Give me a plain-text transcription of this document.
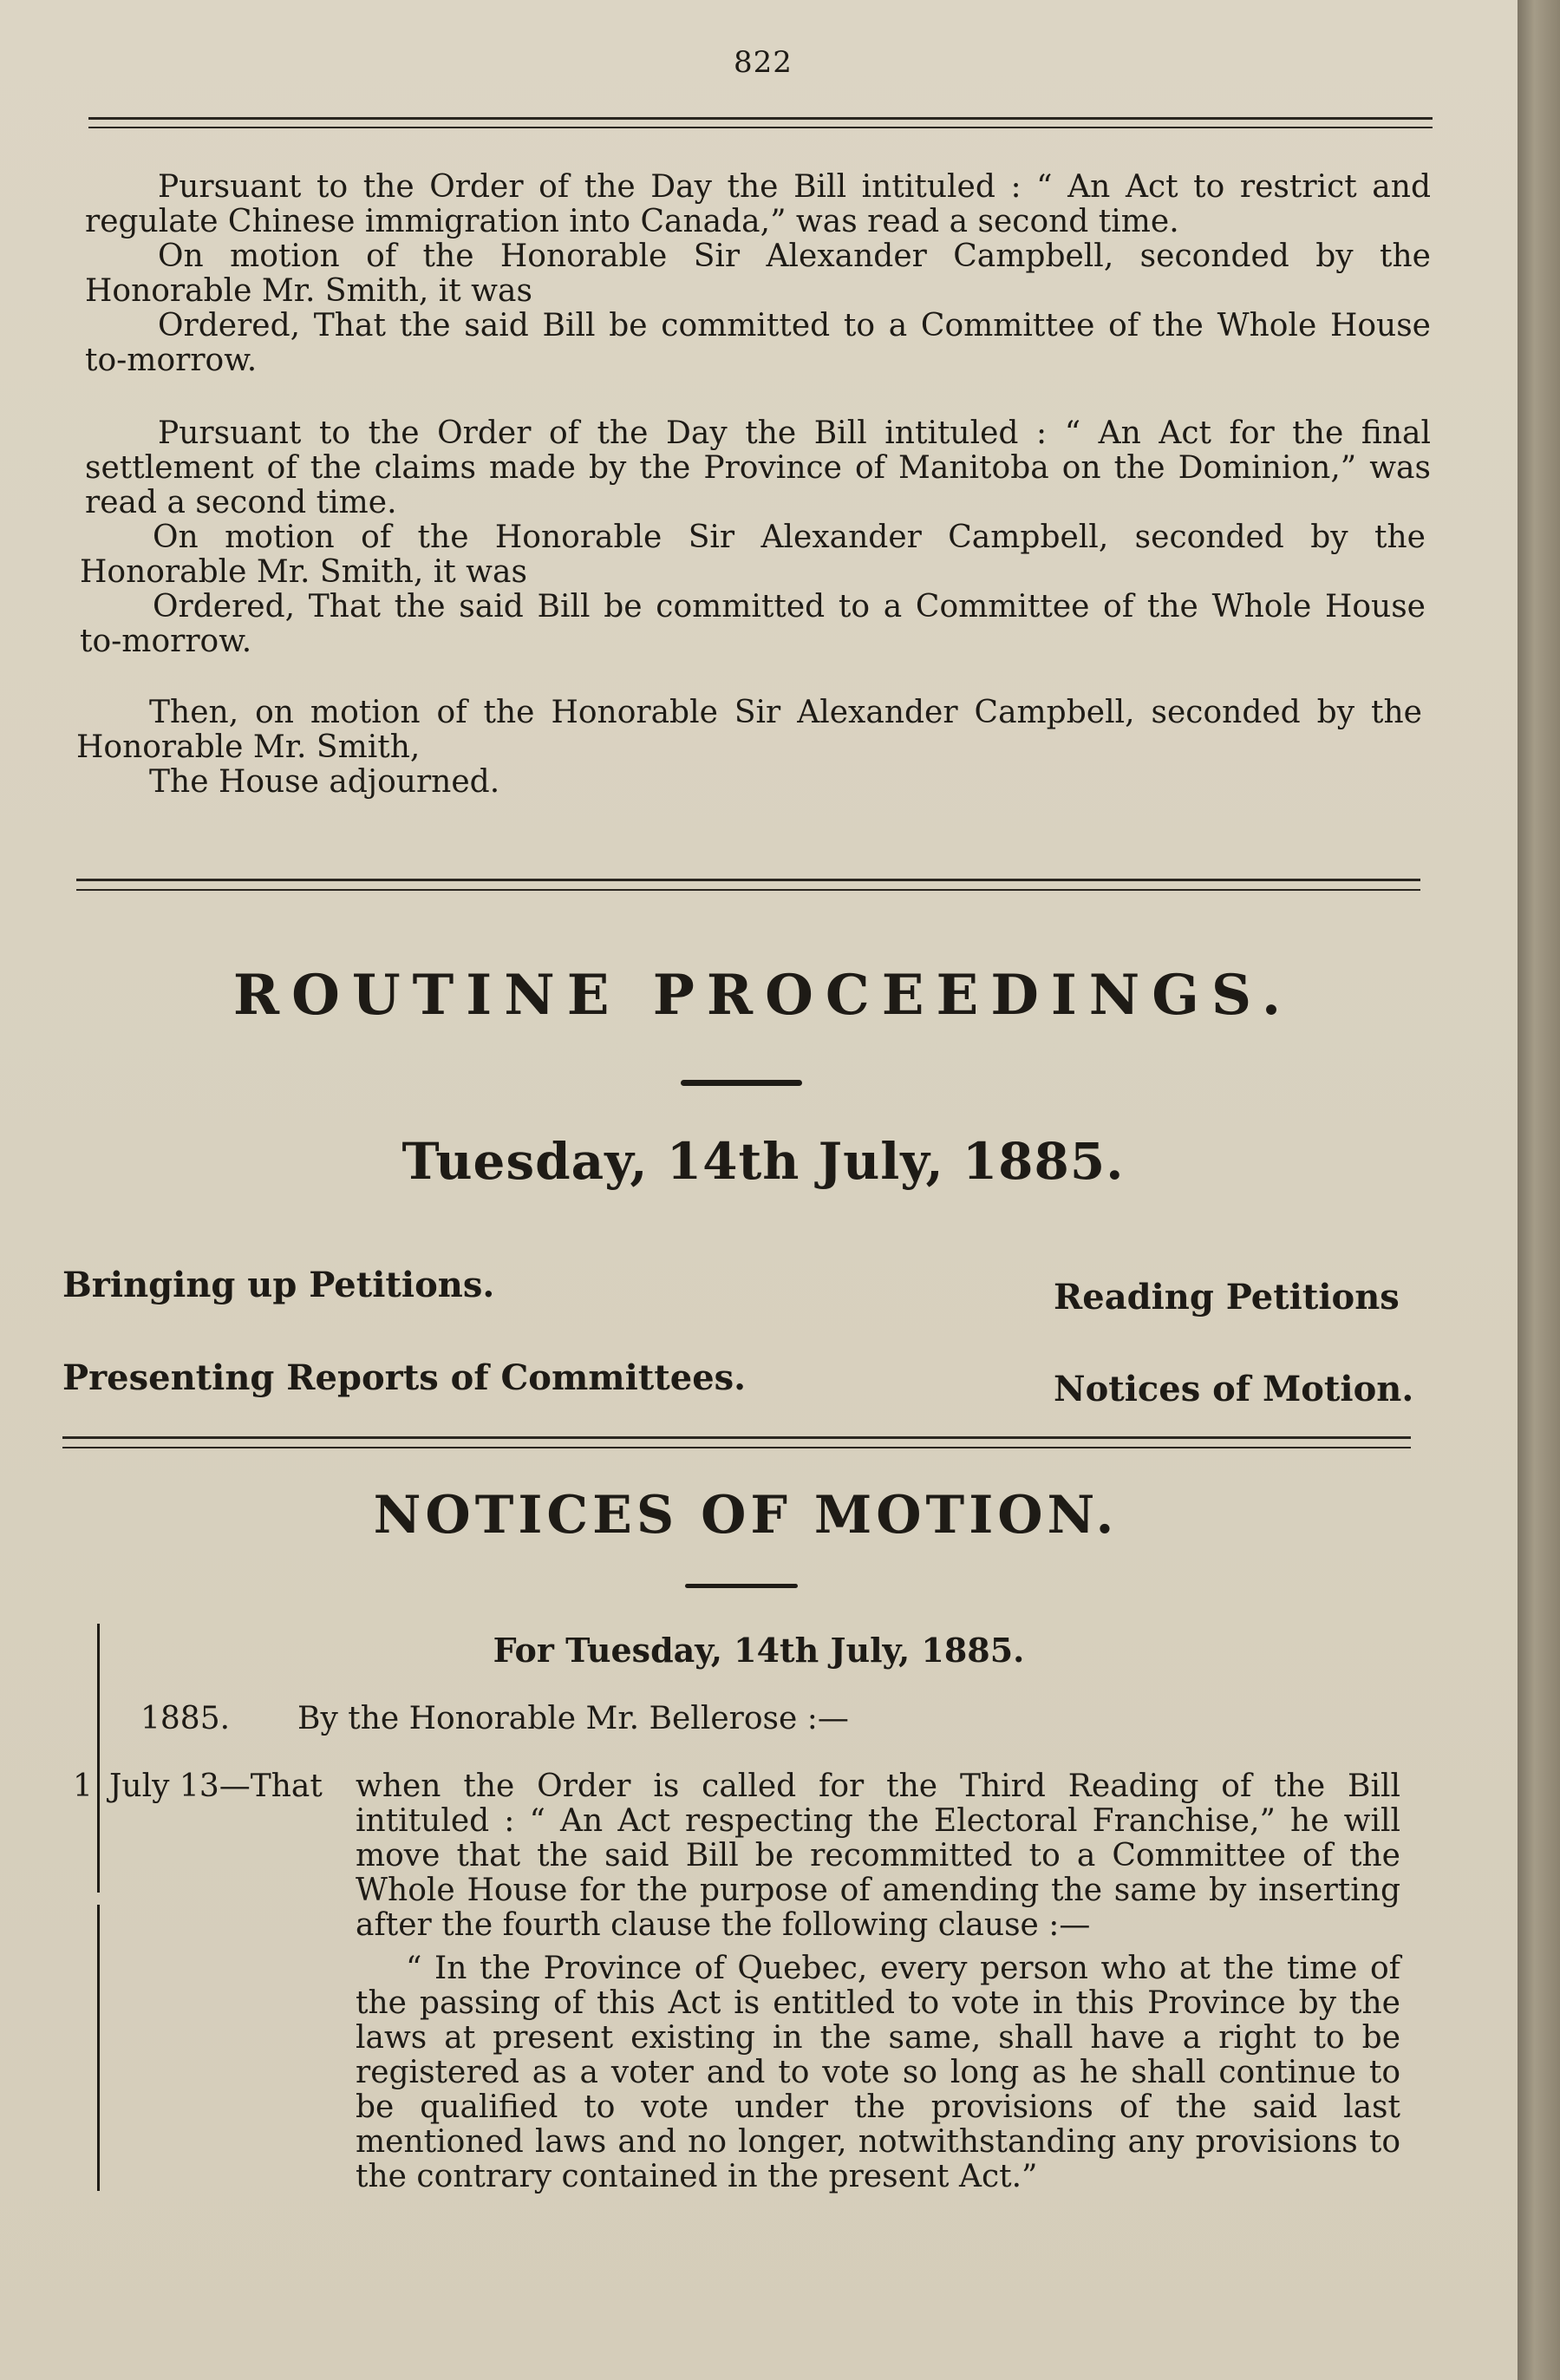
822

Pursuant to the Order of the Day the Bill intituled : “ An Act to restrict and regulate Chinese immigration into Canada,” was read a second time.

On motion of the Honorable Sir Alexander Campbell, seconded by the Honorable Mr. Smith, it was

Ordered, That the said Bill be committed to a Committee of the Whole House to-morrow.

Pursuant to the Order of the Day the Bill intituled : “ An Act for the final settlement of the claims made by the Province of Manitoba on the Dominion,” was read a second time.

On motion of the Honorable Sir Alexander Campbell, seconded by the Honorable Mr. Smith, it was

Ordered, That the said Bill be committed to a Committee of the Whole House to-morrow.

Then, on motion of the Honorable Sir Alexander Campbell, seconded by the Honorable Mr. Smith,

The House adjourned.

ROUTINE PROCEEDINGS.
Tuesday, 14th July, 1885.
Bringing up Petitions.	Reading Petitions
Presenting Reports of Committees.	Notices of Motion.
NOTICES OF MOTION.
For Tuesday, 14th July, 1885.
1885. By the Honorable Mr. Bellerose :—
1 July 13—That when the Order is called for the Third Reading of the Bill intituled : “ An Act respecting the Electoral Franchise,” he will move that the said Bill be recommitted to a Committee of the Whole House for the purpose of amending the same by inserting after the fourth clause the following clause :—

“ In the Province of Quebec, every person who at the time of the passing of this Act is entitled to vote in this Province by the laws at present existing in the same, shall have a right to be registered as a voter and to vote so long as he shall continue to be qualified to vote under the provisions of the said last mentioned laws and no longer, notwithstanding any provisions to the contrary contained in the present Act.”
